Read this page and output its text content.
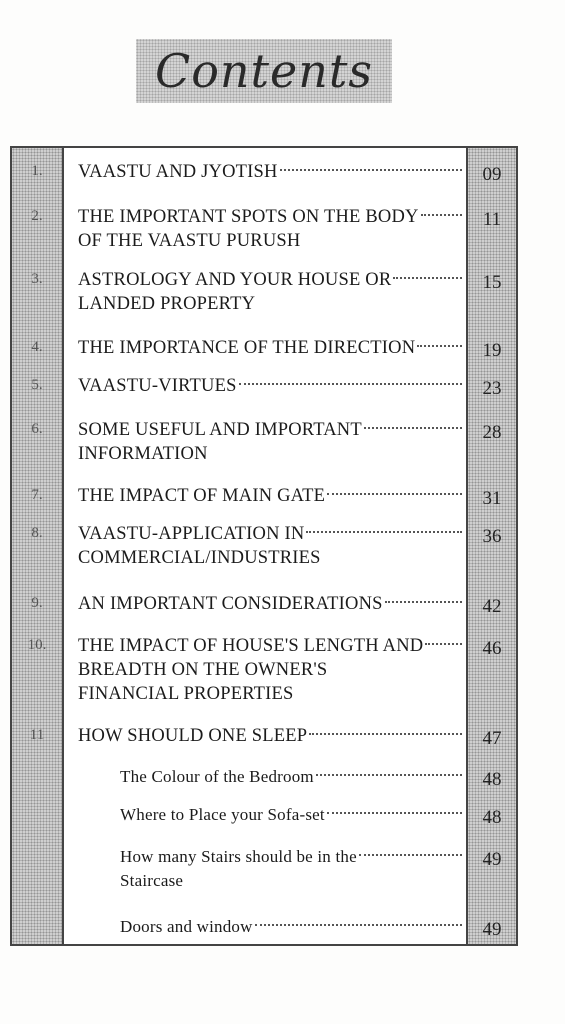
Contents
1.
2.
3.
4.
5.
6.
7.
8.
9.
10.
11
VAASTU AND JYOTISH
THE IMPORTANT SPOTS ON THE BODY
OF THE VAASTU PURUSH
ASTROLOGY AND YOUR HOUSE OR
LANDED PROPERTY
THE IMPORTANCE OF THE DIRECTION
VAASTU-VIRTUES
SOME USEFUL AND IMPORTANT
INFORMATION
THE IMPACT OF MAIN GATE
VAASTU-APPLICATION IN
COMMERCIAL/INDUSTRIES
AN IMPORTANT CONSIDERATIONS
THE IMPACT OF HOUSE'S LENGTH AND
BREADTH ON THE OWNER'S
FINANCIAL PROPERTIES
HOW SHOULD ONE SLEEP
The Colour of the Bedroom
Where to Place your Sofa-set
How many Stairs should be in the
Staircase
Doors and window
09
11
15
19
23
28
31
36
42
46
47
48
48
49
49
